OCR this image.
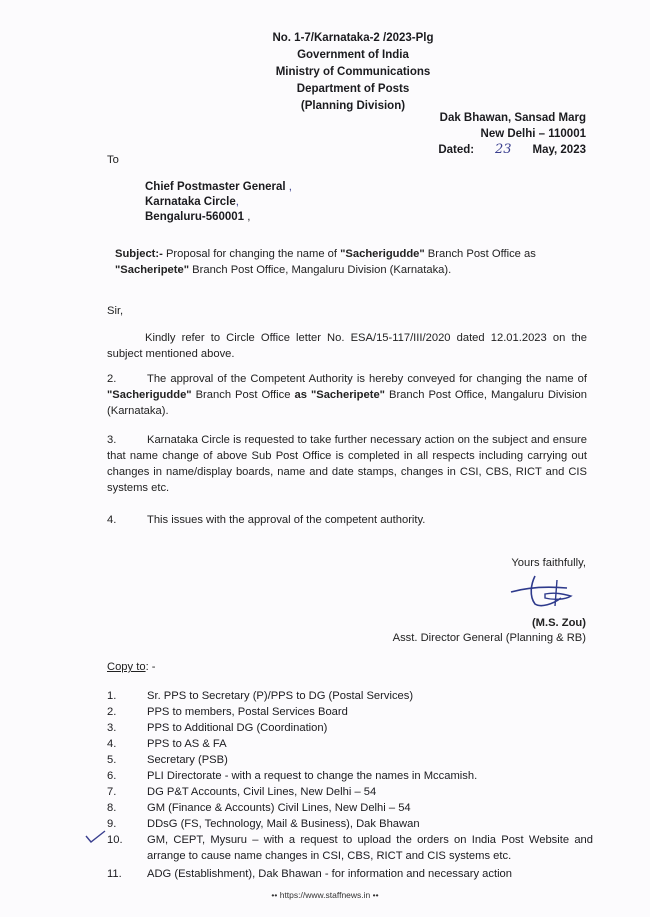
No. 1-7/Karnataka-2 /2023-Plg
Government of India
Ministry of Communications
Department of Posts
(Planning Division)
Dak Bhawan, Sansad Marg
New Delhi – 110001
Dated: 23 May, 2023
To
Chief Postmaster General ,
Karnataka Circle,
Bengaluru-560001 ,
Subject:- Proposal for changing the name of "Sacherigudde" Branch Post Office as
"Sacheripete" Branch Post Office, Mangaluru Division (Karnataka).
Sir,
Kindly refer to Circle Office letter No. ESA/15-117/III/2020 dated 12.01.2023 on the subject mentioned above.
2.	The approval of the Competent Authority is hereby conveyed for changing the name of "Sacherigudde" Branch Post Office as "Sacheripete" Branch Post Office, Mangaluru Division (Karnataka).
3.	Karnataka Circle is requested to take further necessary action on the subject and ensure that name change of above Sub Post Office is completed in all respects including carrying out changes in name/display boards, name and date stamps, changes in CSI, CBS, RICT and CIS systems etc.
4.	This issues with the approval of the competent authority.
Yours faithfully,
(M.S. Zou)
Asst. Director General (Planning & RB)
Copy to: -
1.	Sr. PPS to Secretary (P)/PPS to DG (Postal Services)
2.	PPS to members, Postal Services Board
3.	PPS to Additional DG (Coordination)
4.	PPS to AS & FA
5.	Secretary (PSB)
6.	PLI Directorate - with a request to change the names in Mccamish.
7.	DG P&T Accounts, Civil Lines, New Delhi – 54
8.	GM (Finance & Accounts) Civil Lines, New Delhi – 54
9.	DDsG (FS, Technology, Mail & Business), Dak Bhawan
10.	GM, CEPT, Mysuru – with a request to upload the orders on India Post Website and arrange to cause name changes in CSI, CBS, RICT and CIS systems etc.
11.	ADG (Establishment), Dak Bhawan - for information and necessary action
•• https://www.staffnews.in ••
